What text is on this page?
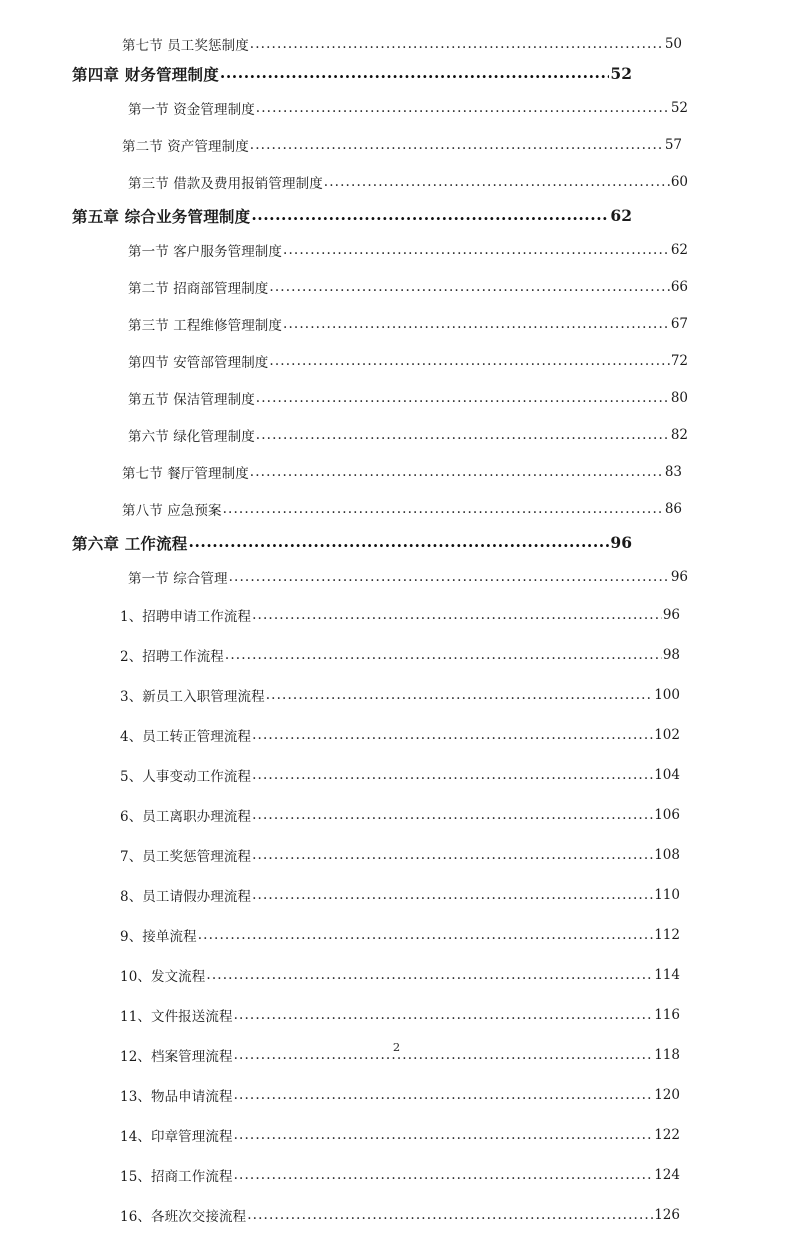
第七节 员工奖惩制度 .....	50
第四章 财务管理制度 .....	52
第一节 资金管理制度 .....	52
第二节 资产管理制度 .....	57
第三节 借款及费用报销管理制度 .....	60
第五章 综合业务管理制度 .....	62
第一节 客户服务管理制度 .....	62
第二节 招商部管理制度 .....	66
第三节 工程维修管理制度 .....	67
第四节 安管部管理制度 .....	72
第五节 保洁管理制度 .....	80
第六节 绿化管理制度 .....	82
第七节 餐厅管理制度 .....	83
第八节 应急预案 .....	86
第六章 工作流程 .....	96
第一节 综合管理 .....	96
1、招聘申请工作流程 .....	96
2、招聘工作流程 .....	98
3、新员工入职管理流程 .....	100
4、员工转正管理流程 .....	102
5、人事变动工作流程 .....	104
6、员工离职办理流程 .....	106
7、员工奖惩管理流程 .....	108
8、员工请假办理流程 .....	110
9、接单流程 .....	112
10、发文流程 .....	114
11、文件报送流程 .....	116
12、档案管理流程 .....	118
13、物品申请流程 .....	120
14、印章管理流程 .....	122
15、招商工作流程 .....	124
16、各班次交接流程 .....	126
2
